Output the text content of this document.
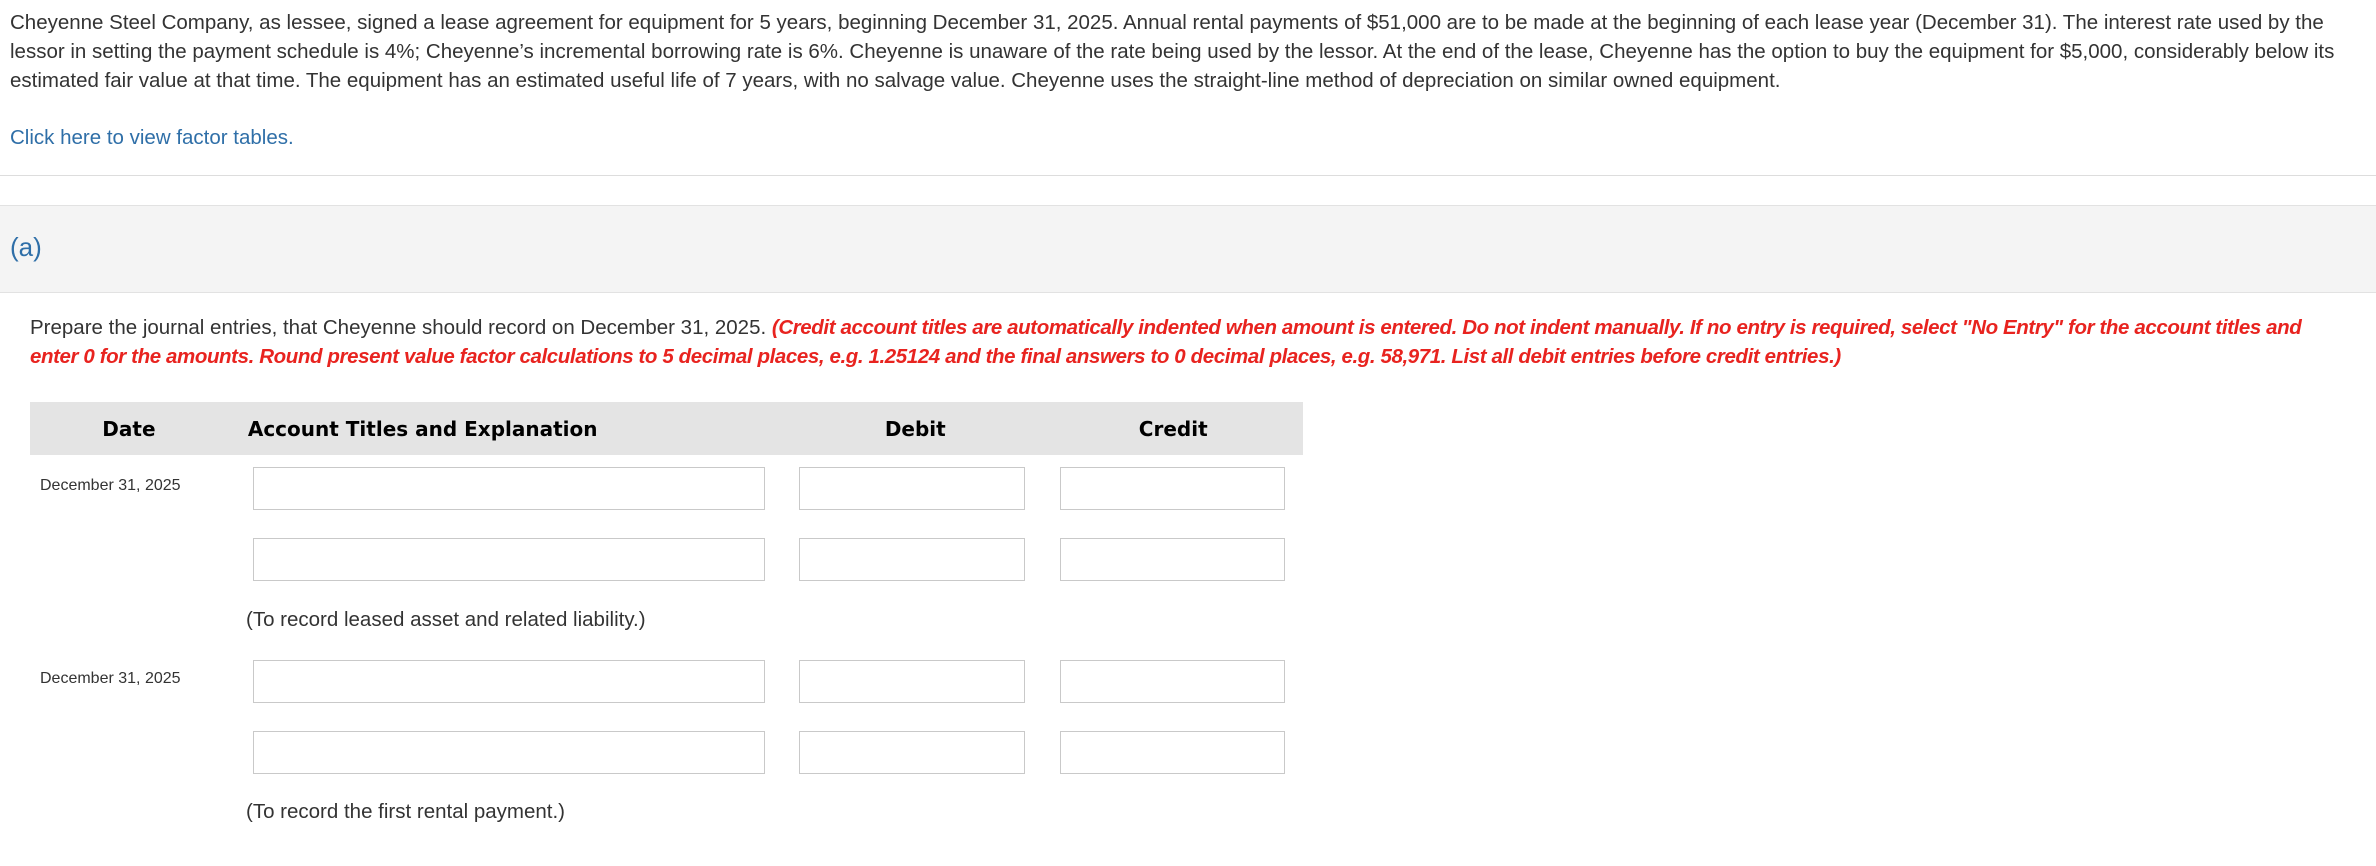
Cheyenne Steel Company, as lessee, signed a lease agreement for equipment for 5 years, beginning December 31, 2025. Annual rental payments of $51,000 are to be made at the beginning of each lease year (December 31). The interest rate used by the lessor in setting the payment schedule is 4%; Cheyenne’s incremental borrowing rate is 6%. Cheyenne is unaware of the rate being used by the lessor. At the end of the lease, Cheyenne has the option to buy the equipment for $5,000, considerably below its estimated fair value at that time. The equipment has an estimated useful life of 7 years, with no salvage value. Cheyenne uses the straight-line method of depreciation on similar owned equipment.
Click here to view factor tables.
(a)
Prepare the journal entries, that Cheyenne should record on December 31, 2025. (Credit account titles are automatically indented when amount is entered. Do not indent manually. If no entry is required, select "No Entry" for the account titles and enter 0 for the amounts. Round present value factor calculations to 5 decimal places, e.g. 1.25124 and the final answers to 0 decimal places, e.g. 58,971. List all debit entries before credit entries.)
Date	Account Titles and Explanation	Debit	Credit
December 31, 2025
(To record leased asset and related liability.)
December 31, 2025
(To record the first rental payment.)
